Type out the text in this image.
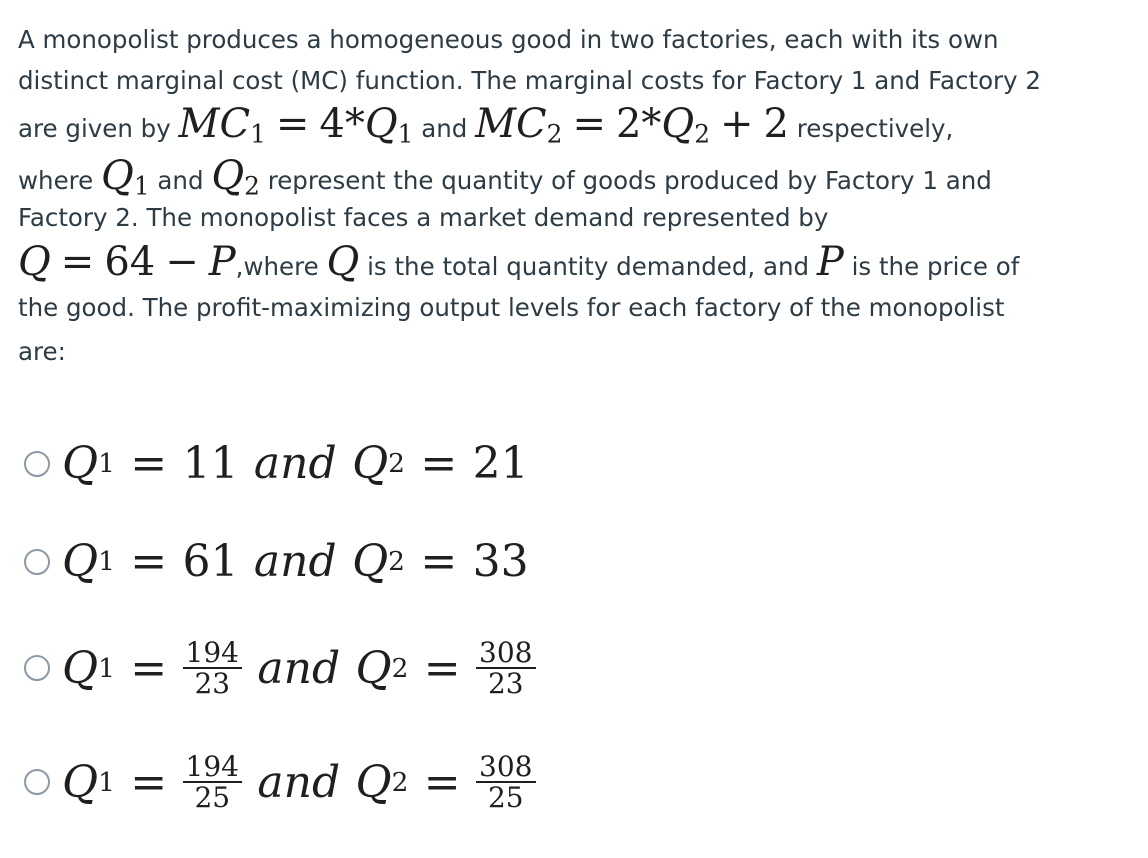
A monopolist produces a homogeneous good in two factories, each with its own
distinct marginal cost (MC) function. The marginal costs for Factory 1 and Factory 2
are given by $MC_1 = 4*Q_1$ and $MC_2 = 2*Q_2 + 2$ respectively,
where $Q_1$ and $Q_2$ represent the quantity of goods produced by Factory 1 and
Factory 2. The monopolist faces a market demand represented by
Q = 64 − P,where Q is the total quantity demanded, and P is the price of
the good. The profit-maximizing output levels for each factory of the monopolist
are:
Q 1 = 11 and Q 2 = 21
Q 1 = 61 and Q 2 = 33
Q $1 = \frac{194}{23}$ and Q $2 = \frac{308}{23}$
Q $1 = \frac{194}{25}$ and Q $2 = \frac{308}{25}$
